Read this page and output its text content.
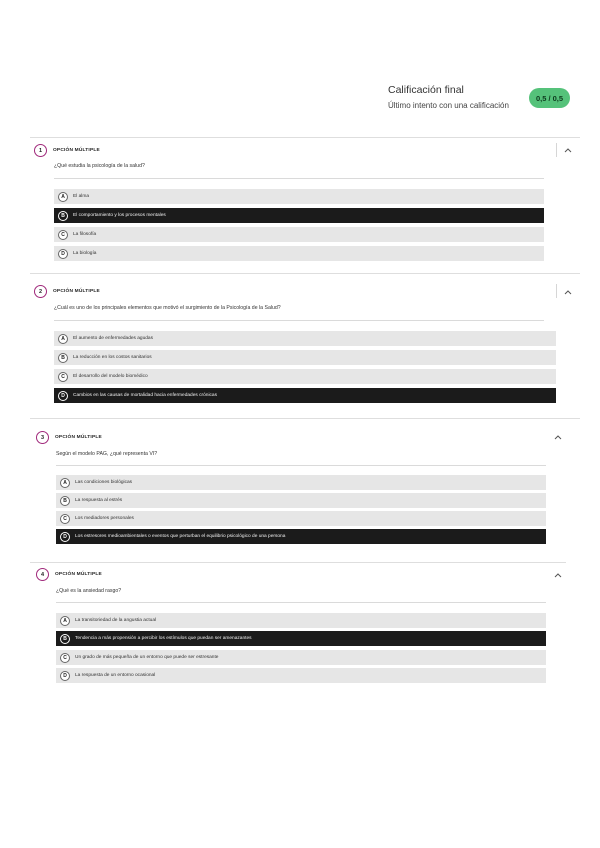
Calificación final
Último intento con una calificación
0,5 / 0,5
1	OPCIÓN MÚLTIPLE
¿Qué estudia la psicología de la salud?
A	El alma
B	El comportamiento y los procesos mentales
C	La filosofía
D	La biología
2	OPCIÓN MÚLTIPLE
¿Cuál es uno de los principales elementos que motivó el surgimiento de la Psicología de la Salud?
A	El aumento de enfermedades agudas
B	La reducción en los costos sanitarios
C	El desarrollo del modelo biomédico
D	Cambios en las causas de mortalidad hacia enfermedades crónicas
3	OPCIÓN MÚLTIPLE
Según el modelo PAG, ¿qué representa VI?
A	Las condiciones biológicas
B	La respuesta al estrés
C	Los mediadores personales
D	Los estresores medioambientales o eventos que perturban el equilibrio psicológico de una persona
4	OPCIÓN MÚLTIPLE
¿Qué es la ansiedad rasgo?
A	La transitoriedad de la angustia actual
B	Tendencia a más propensión a percibir los estímulos que puedan ser amenazantes
C	Un grado de más pequeña de un entorno que puede ser estresante
D	La respuesta de un entorno ocasional
